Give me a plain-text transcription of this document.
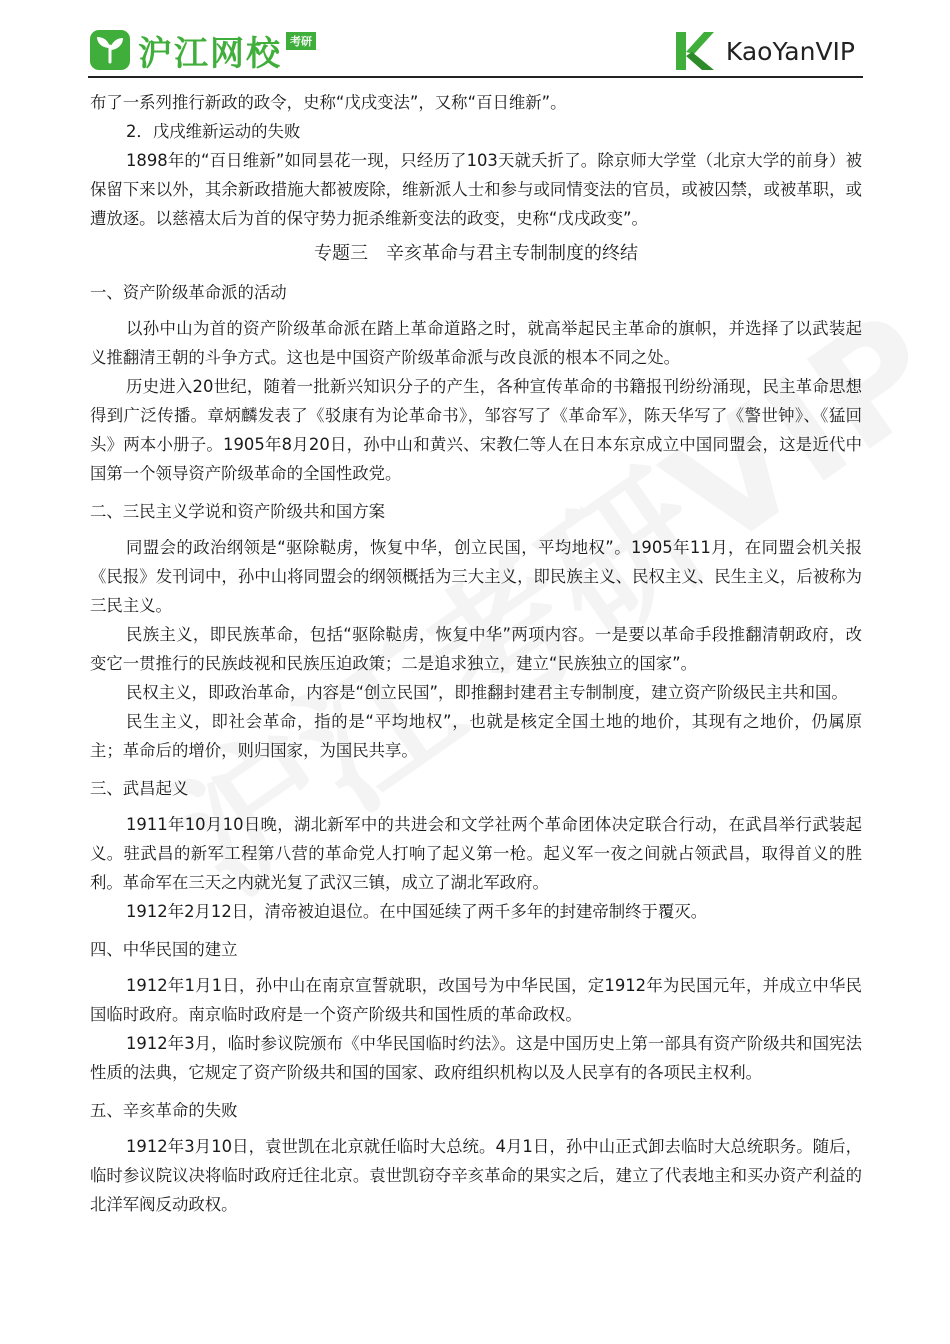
沪江网校 考研	KaoYanVIP

布了一系列推行新政的政令，史称“戊戌变法”，又称“百日维新”。

2．戊戌维新运动的失败

1898年的“百日维新”如同昙花一现，只经历了103天就夭折了。除京师大学堂（北京大学的前身）被保留下来以外，其余新政措施大都被废除，维新派人士和参与或同情变法的官员，或被囚禁，或被革职，或遭放逐。以慈禧太后为首的保守势力扼杀维新变法的政变，史称“戊戌政变”。

专题三　辛亥革命与君主专制制度的终结

一、资产阶级革命派的活动

以孙中山为首的资产阶级革命派在踏上革命道路之时，就高举起民主革命的旗帜，并选择了以武装起义推翻清王朝的斗争方式。这也是中国资产阶级革命派与改良派的根本不同之处。

历史进入20世纪，随着一批新兴知识分子的产生，各种宣传革命的书籍报刊纷纷涌现，民主革命思想得到广泛传播。章炳麟发表了《驳康有为论革命书》，邹容写了《革命军》，陈天华写了《警世钟》、《猛回头》两本小册子。1905年8月20日，孙中山和黄兴、宋教仁等人在日本东京成立中国同盟会，这是近代中国第一个领导资产阶级革命的全国性政党。

二、三民主义学说和资产阶级共和国方案

同盟会的政治纲领是“驱除鞑虏，恢复中华，创立民国，平均地权”。1905年11月，在同盟会机关报《民报》发刊词中，孙中山将同盟会的纲领概括为三大主义，即民族主义、民权主义、民生主义，后被称为三民主义。

民族主义，即民族革命，包括“驱除鞑虏，恢复中华”两项内容。一是要以革命手段推翻清朝政府，改变它一贯推行的民族歧视和民族压迫政策；二是追求独立，建立“民族独立的国家”。

民权主义，即政治革命，内容是“创立民国”，即推翻封建君主专制制度，建立资产阶级民主共和国。

民生主义，即社会革命，指的是“平均地权”，也就是核定全国土地的地价，其现有之地价，仍属原主；革命后的增价，则归国家，为国民共享。

三、武昌起义

1911年10月10日晚，湖北新军中的共进会和文学社两个革命团体决定联合行动，在武昌举行武装起义。驻武昌的新军工程第八营的革命党人打响了起义第一枪。起义军一夜之间就占领武昌，取得首义的胜利。革命军在三天之内就光复了武汉三镇，成立了湖北军政府。

1912年2月12日，清帝被迫退位。在中国延续了两千多年的封建帝制终于覆灭。

四、中华民国的建立

1912年1月1日，孙中山在南京宣誓就职，改国号为中华民国，定1912年为民国元年，并成立中华民国临时政府。南京临时政府是一个资产阶级共和国性质的革命政权。

1912年3月，临时参议院颁布《中华民国临时约法》。这是中国历史上第一部具有资产阶级共和国宪法性质的法典，它规定了资产阶级共和国的国家、政府组织机构以及人民享有的各项民主权利。

五、辛亥革命的失败

1912年3月10日，袁世凯在北京就任临时大总统。4月1日，孙中山正式卸去临时大总统职务。随后，临时参议院议决将临时政府迁往北京。袁世凯窃夺辛亥革命的果实之后，建立了代表地主和买办资产利益的北洋军阀反动政权。
